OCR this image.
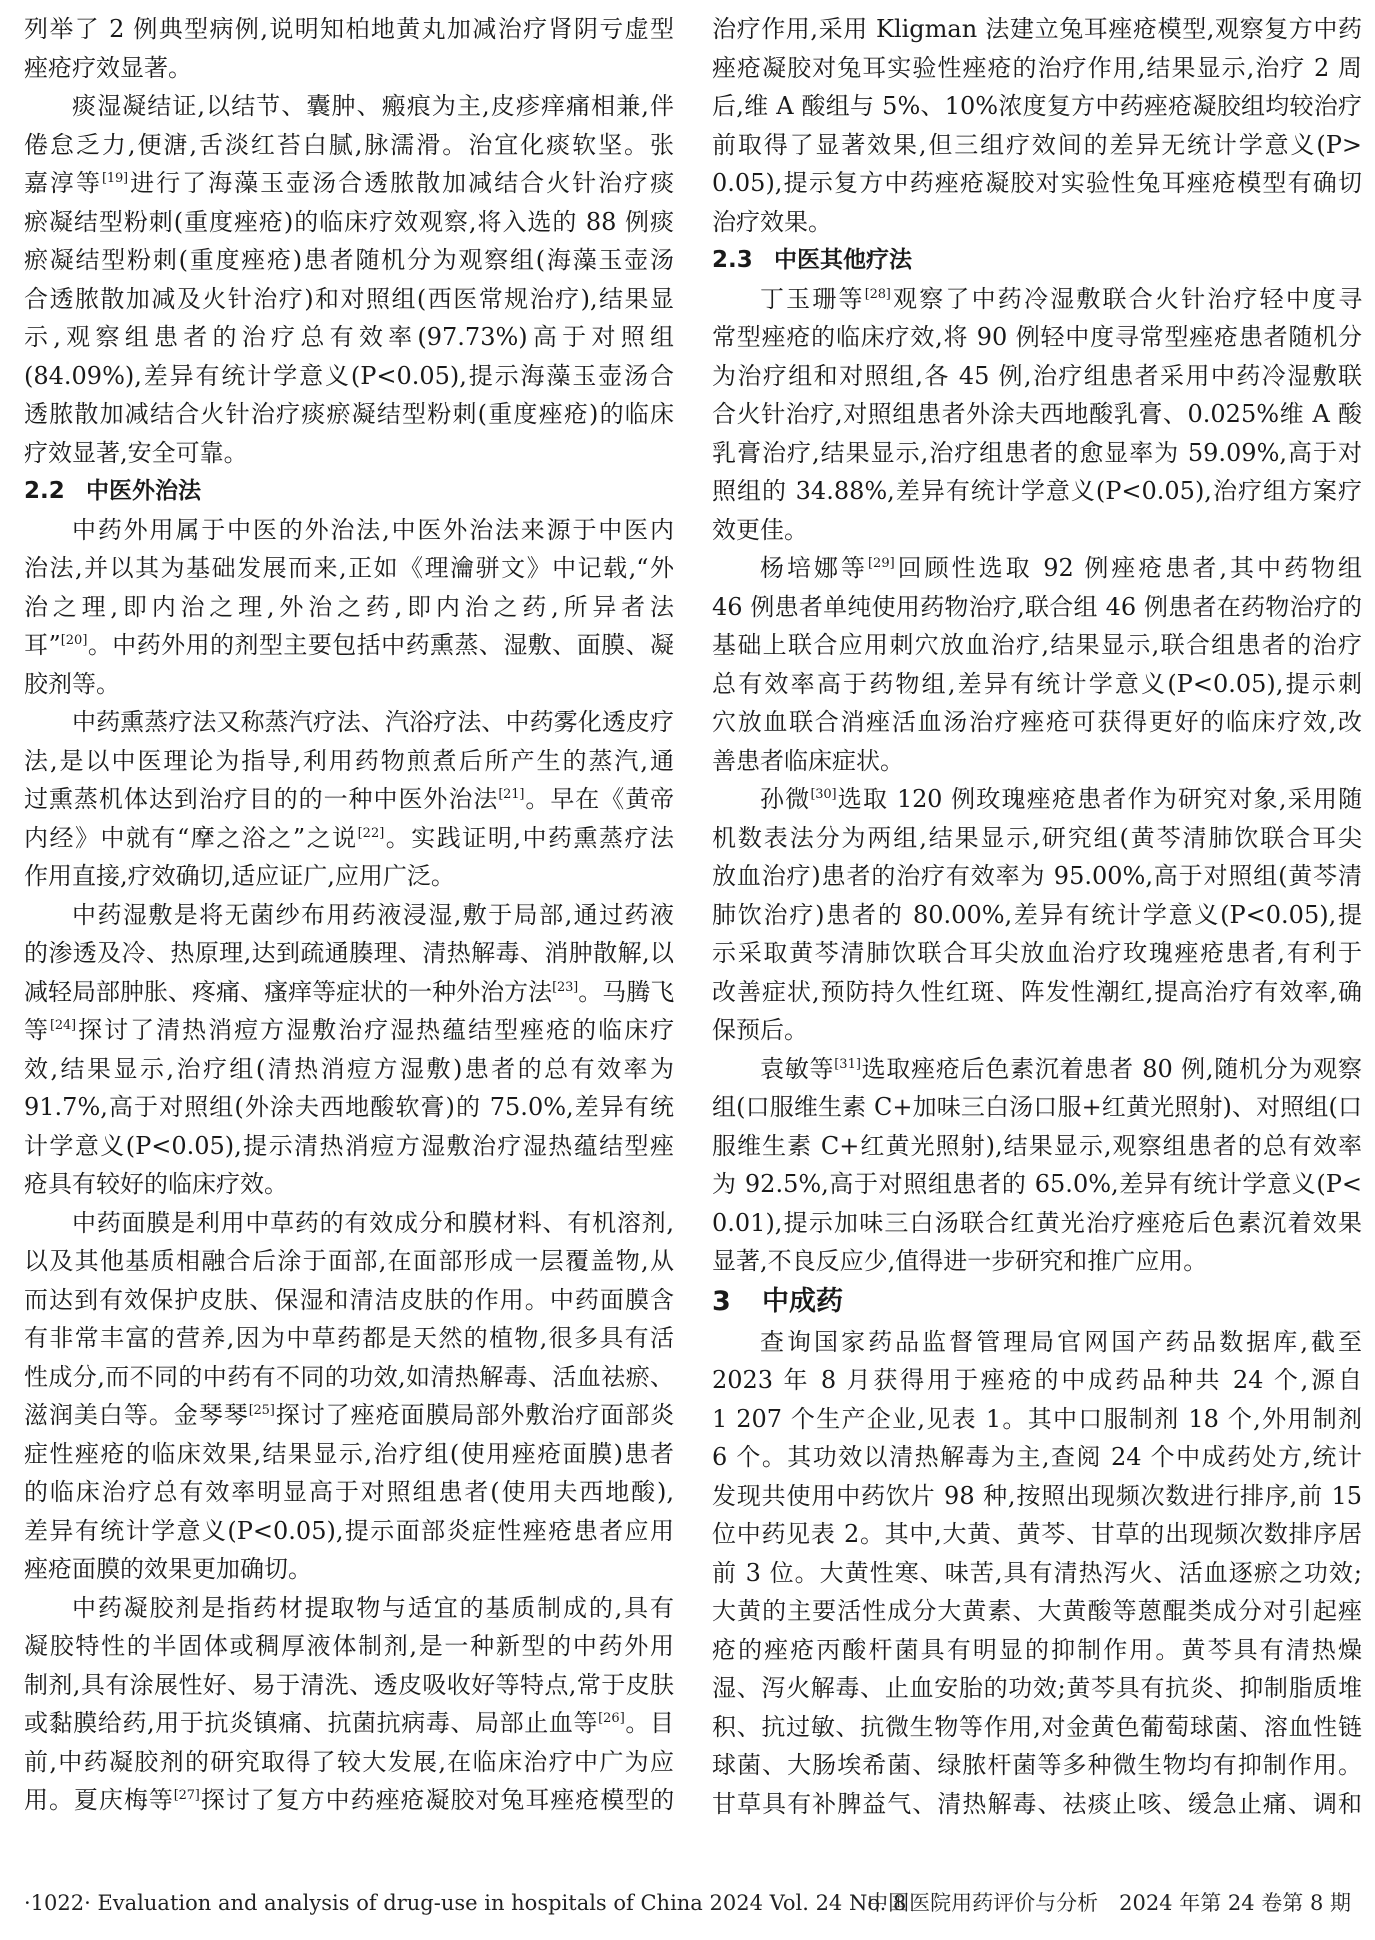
列举了 2 例典型病例,说明知柏地黄丸加减治疗肾阴亏虚型
痤疮疗效显著。
痰湿凝结证,以结节、囊肿、瘢痕为主,皮疹痒痛相兼,伴
倦怠乏力,便溏,舌淡红苔白腻,脉濡滑。治宜化痰软坚。张
嘉淳等[19]进行了海藻玉壶汤合透脓散加减结合火针治疗痰
瘀凝结型粉刺(重度痤疮)的临床疗效观察,将入选的 88 例痰
瘀凝结型粉刺(重度痤疮)患者随机分为观察组(海藻玉壶汤
合透脓散加减及火针治疗)和对照组(西医常规治疗),结果显
示,观察组患者的治疗总有效率(97.73%)高于对照组
(84.09%),差异有统计学意义(P<0.05),提示海藻玉壶汤合
透脓散加减结合火针治疗痰瘀凝结型粉刺(重度痤疮)的临床
疗效显著,安全可靠。
2.2 中医外治法
中药外用属于中医的外治法,中医外治法来源于中医内
治法,并以其为基础发展而来,正如《理瀹骈文》中记载,“外
治之理,即内治之理,外治之药,即内治之药,所异者法
耳”[20]。中药外用的剂型主要包括中药熏蒸、湿敷、面膜、凝
胶剂等。
中药熏蒸疗法又称蒸汽疗法、汽浴疗法、中药雾化透皮疗
法,是以中医理论为指导,利用药物煎煮后所产生的蒸汽,通
过熏蒸机体达到治疗目的的一种中医外治法[21]。早在《黄帝
内经》中就有“摩之浴之”之说[22]。实践证明,中药熏蒸疗法
作用直接,疗效确切,适应证广,应用广泛。
中药湿敷是将无菌纱布用药液浸湿,敷于局部,通过药液
的渗透及冷、热原理,达到疏通腠理、清热解毒、消肿散解,以
减轻局部肿胀、疼痛、瘙痒等症状的一种外治方法[23]。马腾飞
等[24]探讨了清热消痘方湿敷治疗湿热蕴结型痤疮的临床疗
效,结果显示,治疗组(清热消痘方湿敷)患者的总有效率为
91.7%,高于对照组(外涂夫西地酸软膏)的 75.0%,差异有统
计学意义(P<0.05),提示清热消痘方湿敷治疗湿热蕴结型痤
疮具有较好的临床疗效。
中药面膜是利用中草药的有效成分和膜材料、有机溶剂,
以及其他基质相融合后涂于面部,在面部形成一层覆盖物,从
而达到有效保护皮肤、保湿和清洁皮肤的作用。中药面膜含
有非常丰富的营养,因为中草药都是天然的植物,很多具有活
性成分,而不同的中药有不同的功效,如清热解毒、活血祛瘀、
滋润美白等。金琴琴[25]探讨了痤疮面膜局部外敷治疗面部炎
症性痤疮的临床效果,结果显示,治疗组(使用痤疮面膜)患者
的临床治疗总有效率明显高于对照组患者(使用夫西地酸),
差异有统计学意义(P<0.05),提示面部炎症性痤疮患者应用
痤疮面膜的效果更加确切。
中药凝胶剂是指药材提取物与适宜的基质制成的,具有
凝胶特性的半固体或稠厚液体制剂,是一种新型的中药外用
制剂,具有涂展性好、易于清洗、透皮吸收好等特点,常于皮肤
或黏膜给药,用于抗炎镇痛、抗菌抗病毒、局部止血等[26]。目
前,中药凝胶剂的研究取得了较大发展,在临床治疗中广为应
用。夏庆梅等[27]探讨了复方中药痤疮凝胶对兔耳痤疮模型的
治疗作用,采用 Kligman 法建立兔耳痤疮模型,观察复方中药
痤疮凝胶对兔耳实验性痤疮的治疗作用,结果显示,治疗 2 周
后,维 A 酸组与 5%、10%浓度复方中药痤疮凝胶组均较治疗
前取得了显著效果,但三组疗效间的差异无统计学意义(P>
0.05),提示复方中药痤疮凝胶对实验性兔耳痤疮模型有确切
治疗效果。
2.3 中医其他疗法
丁玉珊等[28]观察了中药冷湿敷联合火针治疗轻中度寻
常型痤疮的临床疗效,将 90 例轻中度寻常型痤疮患者随机分
为治疗组和对照组,各 45 例,治疗组患者采用中药冷湿敷联
合火针治疗,对照组患者外涂夫西地酸乳膏、0.025%维 A 酸
乳膏治疗,结果显示,治疗组患者的愈显率为 59.09%,高于对
照组的 34.88%,差异有统计学意义(P<0.05),治疗组方案疗
效更佳。
杨培娜等[29]回顾性选取 92 例痤疮患者,其中药物组
46 例患者单纯使用药物治疗,联合组 46 例患者在药物治疗的
基础上联合应用刺穴放血治疗,结果显示,联合组患者的治疗
总有效率高于药物组,差异有统计学意义(P<0.05),提示刺
穴放血联合消痤活血汤治疗痤疮可获得更好的临床疗效,改
善患者临床症状。
孙微[30]选取 120 例玫瑰痤疮患者作为研究对象,采用随
机数表法分为两组,结果显示,研究组(黄芩清肺饮联合耳尖
放血治疗)患者的治疗有效率为 95.00%,高于对照组(黄芩清
肺饮治疗)患者的 80.00%,差异有统计学意义(P<0.05),提
示采取黄芩清肺饮联合耳尖放血治疗玫瑰痤疮患者,有利于
改善症状,预防持久性红斑、阵发性潮红,提高治疗有效率,确
保预后。
袁敏等[31]选取痤疮后色素沉着患者 80 例,随机分为观察
组(口服维生素 C+加味三白汤口服+红黄光照射)、对照组(口
服维生素 C+红黄光照射),结果显示,观察组患者的总有效率
为 92.5%,高于对照组患者的 65.0%,差异有统计学意义(P<
0.01),提示加味三白汤联合红黄光治疗痤疮后色素沉着效果
显著,不良反应少,值得进一步研究和推广应用。
3 中成药
查询国家药品监督管理局官网国产药品数据库,截至
2023 年 8 月获得用于痤疮的中成药品种共 24 个,源自
1 207 个生产企业,见表 1。其中口服制剂 18 个,外用制剂
6 个。其功效以清热解毒为主,查阅 24 个中成药处方,统计
发现共使用中药饮片 98 种,按照出现频次数进行排序,前 15
位中药见表 2。其中,大黄、黄芩、甘草的出现频次数排序居
前 3 位。大黄性寒、味苦,具有清热泻火、活血逐瘀之功效;
大黄的主要活性成分大黄素、大黄酸等蒽醌类成分对引起痤
疮的痤疮丙酸杆菌具有明显的抑制作用。黄芩具有清热燥
湿、泻火解毒、止血安胎的功效;黄芩具有抗炎、抑制脂质堆
积、抗过敏、抗微生物等作用,对金黄色葡萄球菌、溶血性链
球菌、大肠埃希菌、绿脓杆菌等多种微生物均有抑制作用。
甘草具有补脾益气、清热解毒、祛痰止咳、缓急止痛、调和
·1022· Evaluation and analysis of drug-use in hospitals of China 2024 Vol. 24 No. 8
中国医院用药评价与分析　2024 年第 24 卷第 8 期
